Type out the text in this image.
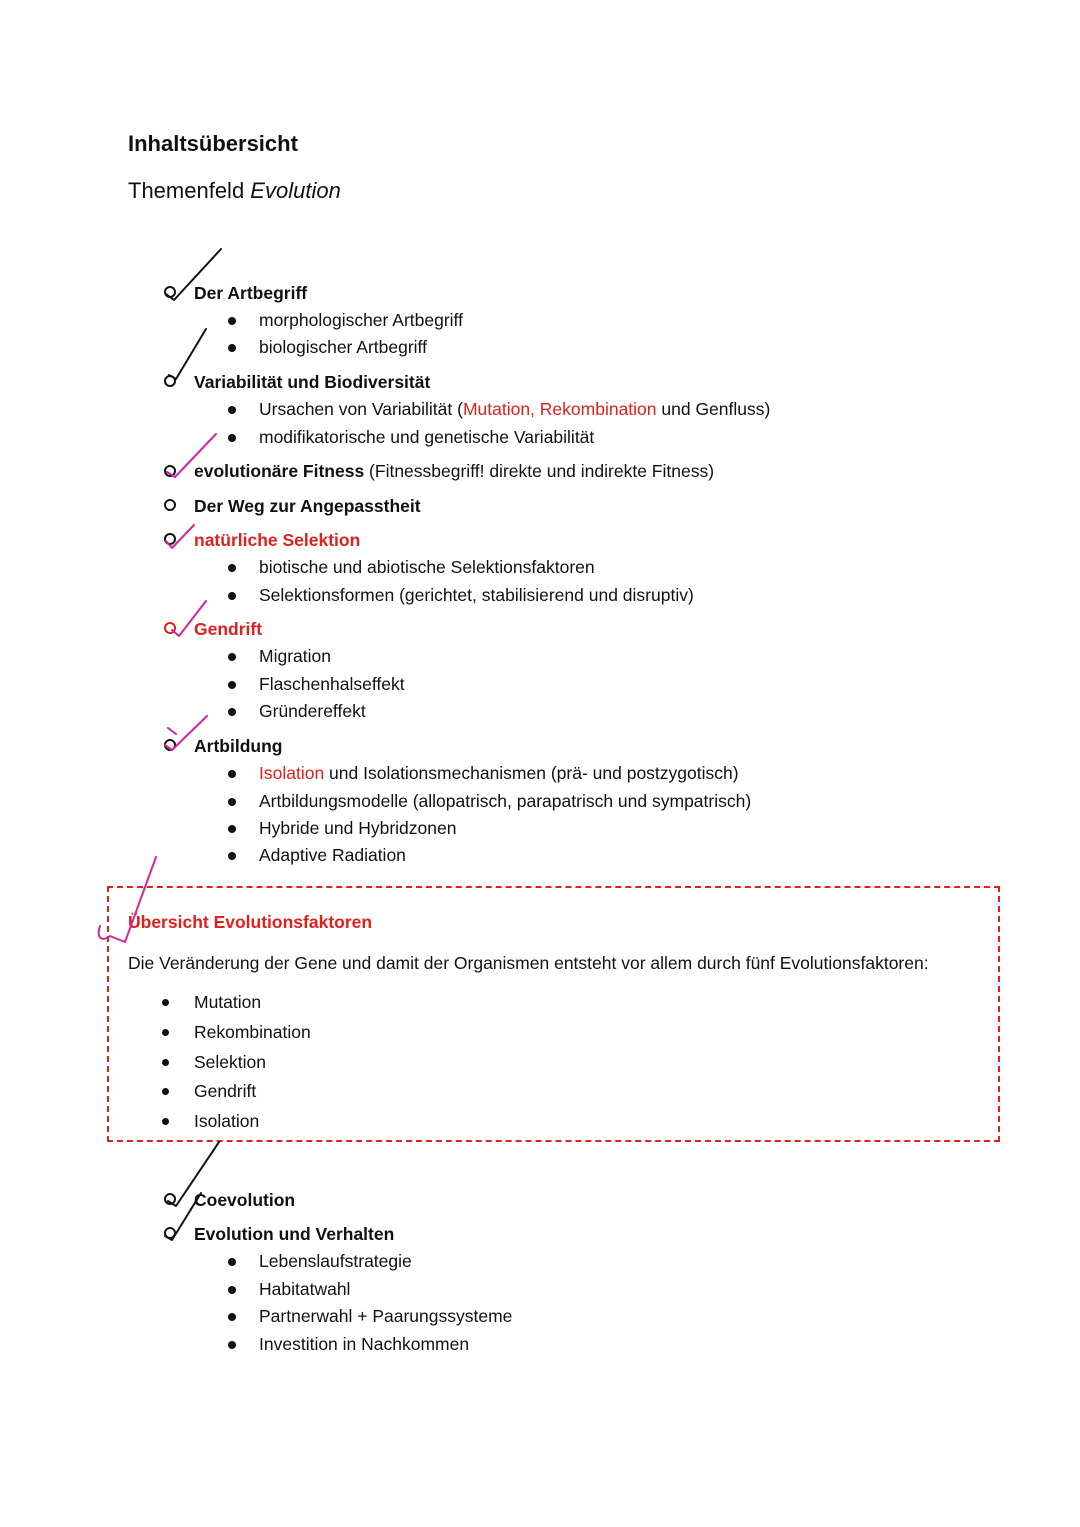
Inhaltsübersicht
Themenfeld Evolution
Der Artbegriff
morphologischer Artbegriff
biologischer Artbegriff
Variabilität und Biodiversität
Ursachen von Variabilität (Mutation, Rekombination und Genfluss)
modifikatorische und genetische Variabilität
evolutionäre Fitness (Fitnessbegriff! direkte und indirekte Fitness)
Der Weg zur Angepasstheit
natürliche Selektion
biotische und abiotische Selektionsfaktoren
Selektionsformen (gerichtet, stabilisierend und disruptiv)
Gendrift
Migration
Flaschenhalseffekt
Gründereffekt
Artbildung
Isolation und Isolationsmechanismen (prä- und postzygotisch)
Artbildungsmodelle (allopatrisch, parapatrisch und sympatrisch)
Hybride und Hybridzonen
Adaptive Radiation
Übersicht Evolutionsfaktoren
Die Veränderung der Gene und damit der Organismen entsteht vor allem durch fünf Evolutionsfaktoren:
Mutation
Rekombination
Selektion
Gendrift
Isolation
Coevolution
Evolution und Verhalten
Lebenslaufstrategie
Habitatwahl
Partnerwahl + Paarungssysteme
Investition in Nachkommen
